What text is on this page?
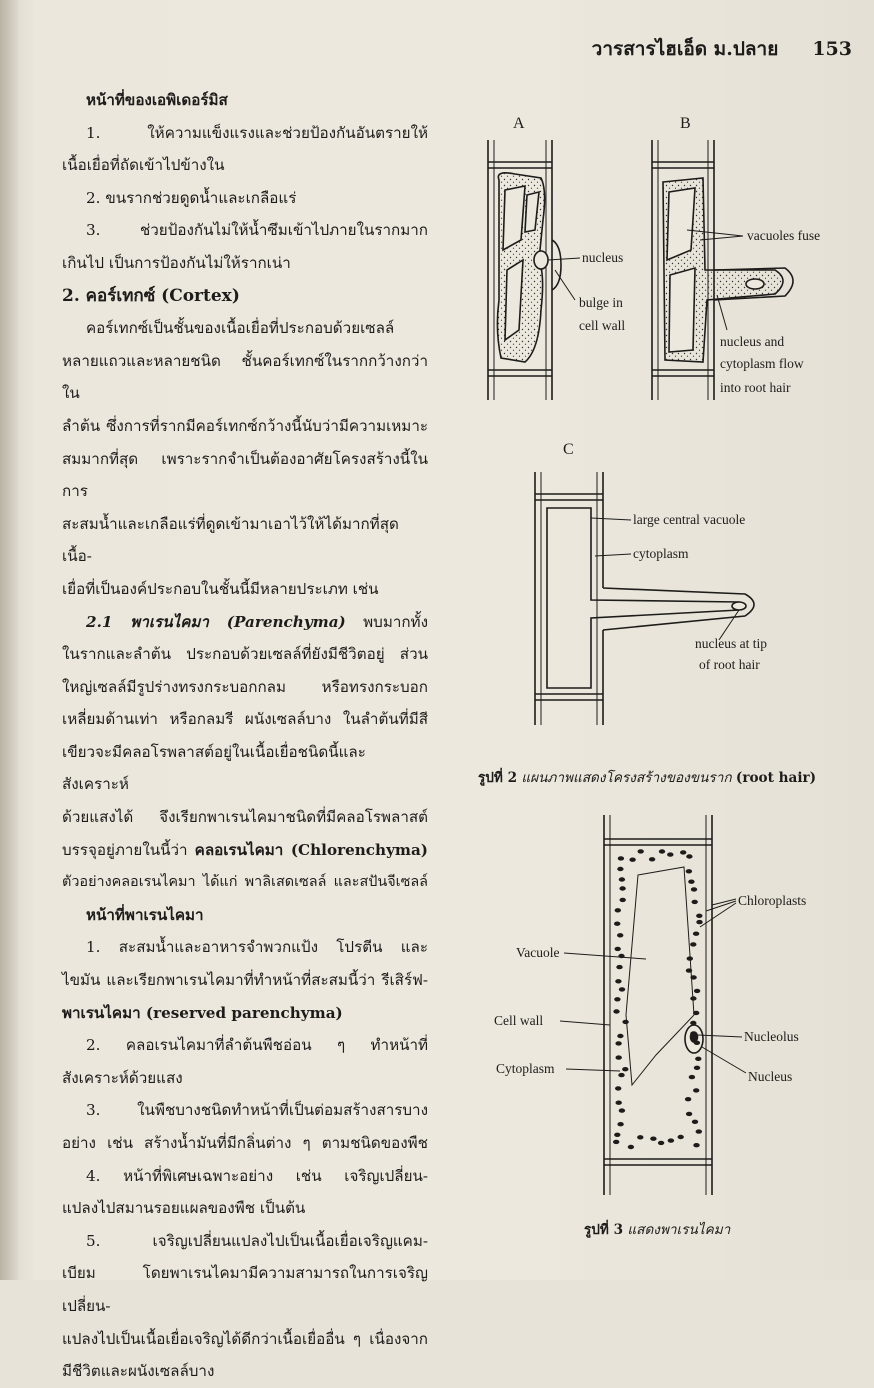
วารสารไฮเอ็ด ม.ปลาย 153

หน้าที่ของเอพิเดอร์มิส

1. ให้ความแข็งแรงและช่วยป้องกันอันตรายให้

เนื้อเยื่อที่ถัดเข้าไปข้างใน

2. ขนรากช่วยดูดน้ำและเกลือแร่

3. ช่วยป้องกันไม่ให้น้ำซึมเข้าไปภายในรากมาก

เกินไป เป็นการป้องกันไม่ให้รากเน่า

2. คอร์เทกซ์ (Cortex)

คอร์เทกซ์เป็นชั้นของเนื้อเยื่อที่ประกอบด้วยเซลล์

หลายแถวและหลายชนิด ชั้นคอร์เทกซ์ในรากกว้างกว่าใน

ลำต้น ซึ่งการที่รากมีคอร์เทกซ์กว้างนี้นับว่ามีความเหมาะ

สมมากที่สุด เพราะรากจำเป็นต้องอาศัยโครงสร้างนี้ในการ

สะสมน้ำและเกลือแร่ที่ดูดเข้ามาเอาไว้ให้ได้มากที่สุด เนื้อ-

เยื่อที่เป็นองค์ประกอบในชั้นนี้มีหลายประเภท เช่น

2.1 พาเรนไคมา (Parenchyma) พบมากทั้ง

ในรากและลำต้น ประกอบด้วยเซลล์ที่ยังมีชีวิตอยู่ ส่วน

ใหญ่เซลล์มีรูปร่างทรงกระบอกกลม หรือทรงกระบอก

เหลี่ยมด้านเท่า หรือกลมรี ผนังเซลล์บาง ในลำต้นที่มีสี

เขียวจะมีคลอโรพลาสต์อยู่ในเนื้อเยื่อชนิดนี้และสังเคราะห์

ด้วยแสงได้ จึงเรียกพาเรนไคมาชนิดที่มีคลอโรพลาสต์

บรรจุอยู่ภายในนี้ว่า คลอเรนไคมา (Chlorenchyma)

ตัวอย่างคลอเรนไคมา ได้แก่ พาลิเสดเซลล์ และสปันจีเซลล์

หน้าที่พาเรนไคมา

1. สะสมน้ำและอาหารจำพวกแป้ง โปรตีน และ

ไขมัน และเรียกพาเรนไคมาที่ทำหน้าที่สะสมนี้ว่า รีเสิร์ฟ-

พาเรนไคมา (reserved parenchyma)

2. คลอเรนไคมาที่ลำต้นพืชอ่อน ๆ ทำหน้าที่

สังเคราะห์ด้วยแสง

3. ในพืชบางชนิดทำหน้าที่เป็นต่อมสร้างสารบาง

อย่าง เช่น สร้างน้ำมันที่มีกลิ่นต่าง ๆ ตามชนิดของพืช

4. หน้าที่พิเศษเฉพาะอย่าง เช่น เจริญเปลี่ยน-

แปลงไปสมานรอยแผลของพืช เป็นต้น

5. เจริญเปลี่ยนแปลงไปเป็นเนื้อเยื่อเจริญแคม-

เบียม โดยพาเรนไคมามีความสามารถในการเจริญเปลี่ยน-

แปลงไปเป็นเนื้อเยื่อเจริญได้ดีกว่าเนื้อเยื่ออื่น ๆ เนื่องจาก

มีชีวิตและผนังเซลล์บาง

A	B
C
nucleus
bulge in
cell wall
vacuoles fuse
nucleus and
cytoplasm flow
into root hair
large central vacuole
cytoplasm
nucleus at tip
of root hair
รูปที่ 2 แผนภาพแสดงโครงสร้างของขนราก (root hair)
Chloroplasts
Vacuole
Cell wall
Nucleolus
Cytoplasm
Nucleus
รูปที่ 3 แสดงพาเรนไคมา
